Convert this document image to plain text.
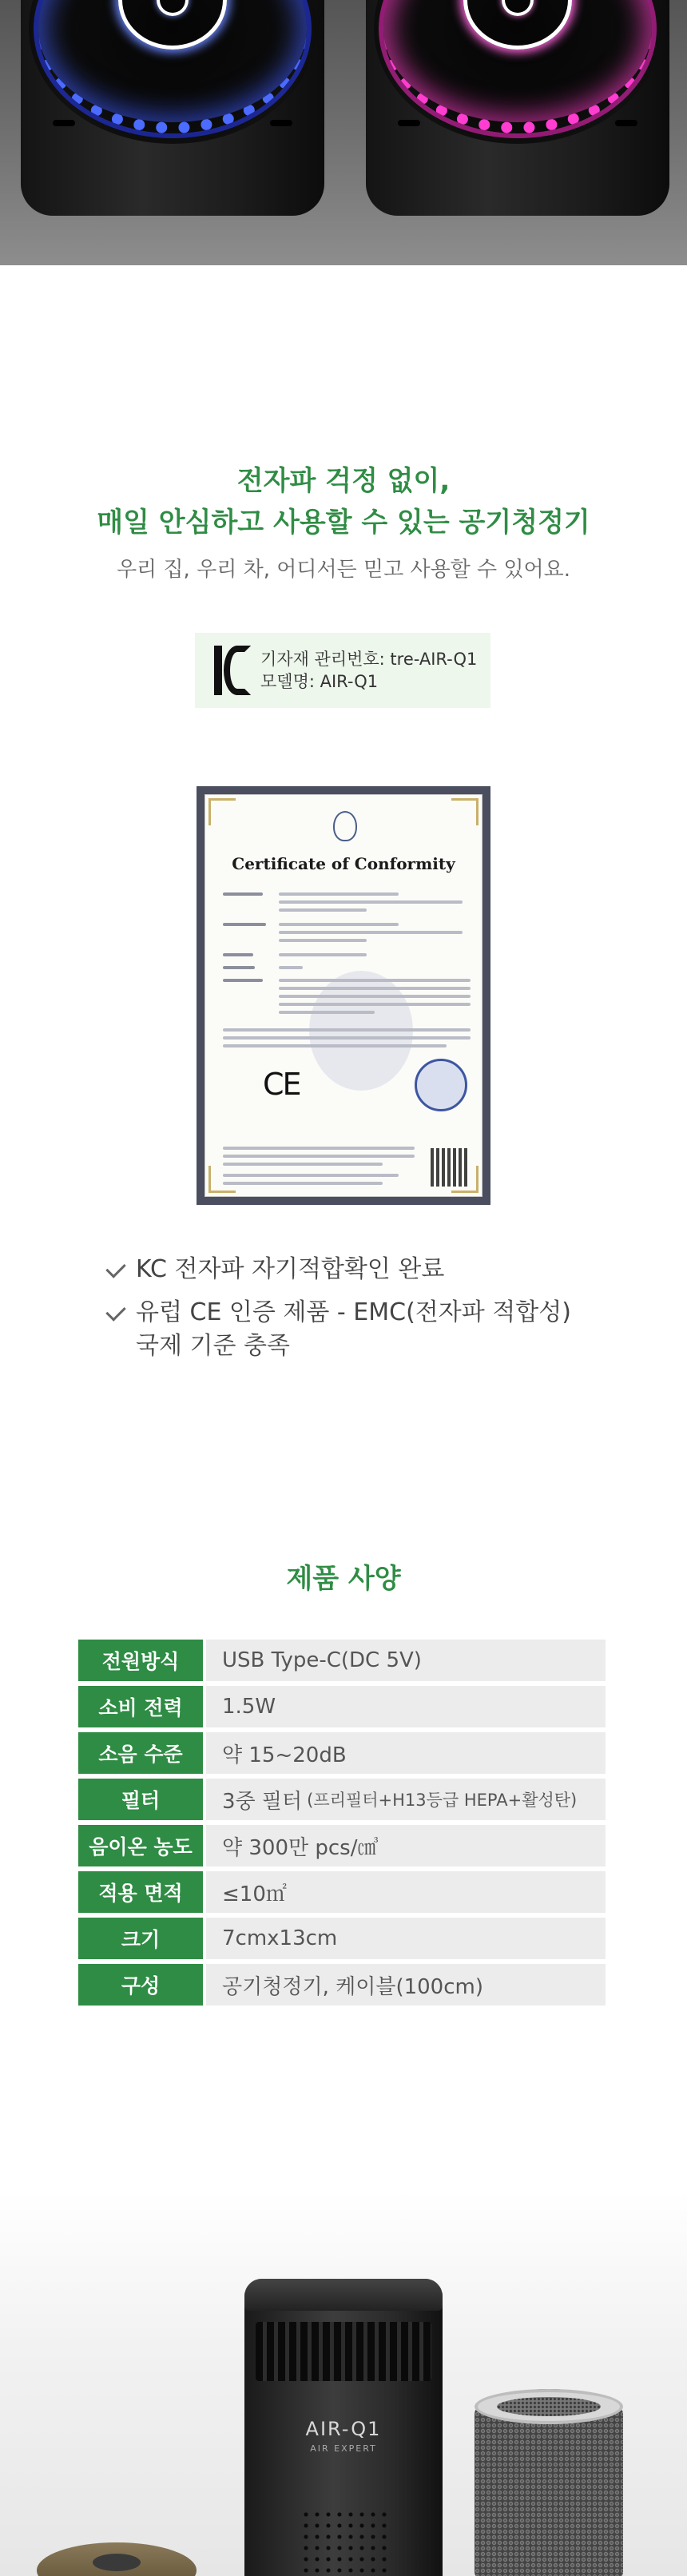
전자파 걱정 없이,
매일 안심하고 사용할 수 있는 공기청정기
우리 집, 우리 차, 어디서든 믿고 사용할 수 있어요.
기자재 관리번호: tre-AIR-Q1
모델명: AIR-Q1
Certificate of Conformity
CE
KC 전자파 자기적합확인 완료
유럽 CE 인증 제품 - EMC(전자파 적합성) 국제 기준 충족
제품 사양
전원방식	USB Type-C(DC 5V)
소비 전력	1.5W
소음 수준	약 15~20dB
필터	3중 필터 (프리필터+H13등급 HEPA+활성탄)
음이온 농도	약 300만 pcs/㎤
적용 면적	≤10㎡
크기	7cmx13cm
구성	공기청정기, 케이블(100cm)
AIR-Q1
AIR EXPERT
